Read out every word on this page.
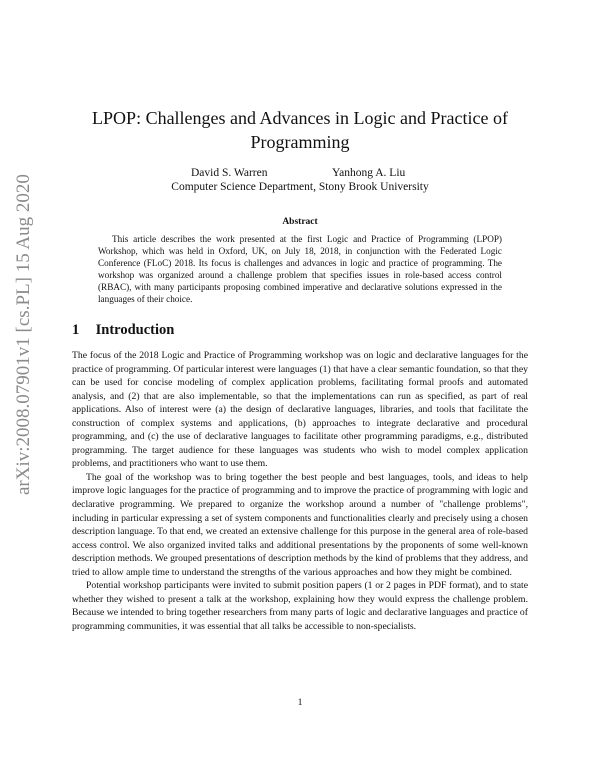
arXiv:2008.07901v1 [cs.PL] 15 Aug 2020
LPOP: Challenges and Advances in Logic and Practice of Programming
David S. Warren	Yanhong A. Liu
Computer Science Department, Stony Brook University
Abstract

This article describes the work presented at the first Logic and Practice of Programming (LPOP) Workshop, which was held in Oxford, UK, on July 18, 2018, in conjunction with the Federated Logic Conference (FLoC) 2018. Its focus is challenges and advances in logic and practice of programming. The workshop was organized around a challenge problem that specifies issues in role-based access control (RBAC), with many participants proposing combined imperative and declarative solutions expressed in the languages of their choice.

1 Introduction

The focus of the 2018 Logic and Practice of Programming workshop was on logic and declarative languages for the practice of programming. Of particular interest were languages (1) that have a clear semantic foundation, so that they can be used for concise modeling of complex application problems, facilitating formal proofs and automated analysis, and (2) that are also implementable, so that the implementations can run as specified, as part of real applications. Also of interest were (a) the design of declarative languages, libraries, and tools that facilitate the construction of complex systems and applications, (b) approaches to integrate declarative and procedural programming, and (c) the use of declarative languages to facilitate other programming paradigms, e.g., distributed programming. The target audience for these languages was students who wish to model complex application problems, and practitioners who want to use them.

The goal of the workshop was to bring together the best people and best languages, tools, and ideas to help improve logic languages for the practice of programming and to improve the practice of programming with logic and declarative programming. We prepared to organize the workshop around a number of "challenge problems", including in particular expressing a set of system components and functionalities clearly and precisely using a chosen description language. To that end, we created an extensive challenge for this purpose in the general area of role-based access control. We also organized invited talks and additional presentations by the proponents of some well-known description methods. We grouped presentations of description methods by the kind of problems that they address, and tried to allow ample time to understand the strengths of the various approaches and how they might be combined.

Potential workshop participants were invited to submit position papers (1 or 2 pages in PDF format), and to state whether they wished to present a talk at the workshop, explaining how they would express the challenge problem. Because we intended to bring together researchers from many parts of logic and declarative languages and practice of programming communities, it was essential that all talks be accessible to non-specialists.

1
